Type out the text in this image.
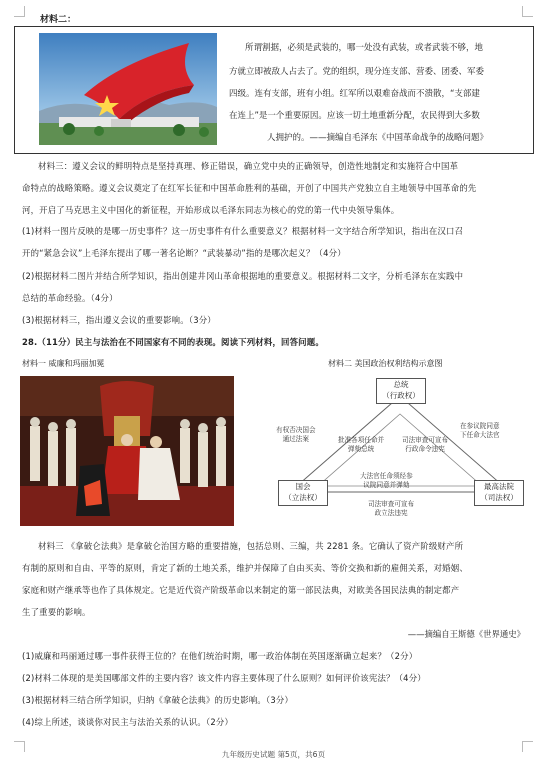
材料二：
所谓割据，必须是武装的，哪一处没有武装，或者武装不够，地
方就立即被敌人占去了。党的组织，现分连支部、营委、团委、军委
四级。连有支部，班有小组。红军所以艰难奋战而不溃散，“支部建
在连上”是一个重要原因。应该一切土地重新分配，农民得到大多数
人拥护的。——摘编自毛泽东《中国革命战争的战略问题》
材料三：遵义会议的鲜明特点是坚持真理、修正错误，确立党中央的正确领导，创造性地制定和实施符合中国革
命特点的战略策略。遵义会议奠定了在红军长征和中国革命胜利的基础，开创了中国共产党独立自主地领导中国革命的先
河，开启了马克思主义中国化的新征程，开始形成以毛泽东同志为核心的党的第一代中央领导集体。
(1)材料一图片反映的是哪一历史事件？这一历史事件有什么重要意义？根据材料一文字结合所学知识，指出在汉口召
开的“紧急会议”上毛泽东提出了哪一著名论断？“武装暴动”指的是哪次起义？（4分）
(2)根据材料二图片并结合所学知识，指出创建井冈山革命根据地的重要意义。根据材料二文字，分析毛泽东在实践中
总结的革命经验。（4分）
(3)根据材料三，指出遵义会议的重要影响。（3分）
28.（11分）民主与法治在不同国家有不同的表现。阅读下列材料，回答问题。
材料一 威廉和玛丽加冕	材料二 美国政治权利结构示意图
总统
（行政权）
国会
（立法权）
最高法院
（司法权）
有权否决国会
通过法案	批准各项任命并
弹劾总统
在参议院同意
下任命大法官
司法审查可宣布
行政命令违宪
大法官任命须经参
议院同意并弹劾
司法审查可宣布
政立法违宪
材料三 《拿破仑法典》是拿破仑治国方略的重要措施，包括总则、三编，共 2281 条。它确认了资产阶级财产所
有制的原则和自由、平等的原则，肯定了新的土地关系，维护并保障了自由买卖、等价交换和新的雇佣关系，对婚姻、
家庭和财产继承等也作了具体规定。它是近代资产阶级革命以来制定的第一部民法典，对欧美各国民法典的制定都产
生了重要的影响。
——摘编自王斯德《世界通史》
(1)威廉和玛丽通过哪一事件获得王位的？在他们统治时期，哪一政治体制在英国逐渐确立起来？（2分）
(2)材料二体现的是美国哪部文件的主要内容？该文件内容主要体现了什么原则？如何评价该宪法？（4分）
(3)根据材料三结合所学知识，归纳《拿破仑法典》的历史影响。（3分）
(4)综上所述，谈谈你对民主与法治关系的认识。（2分）
九年级历史试题 第5页，共6页
